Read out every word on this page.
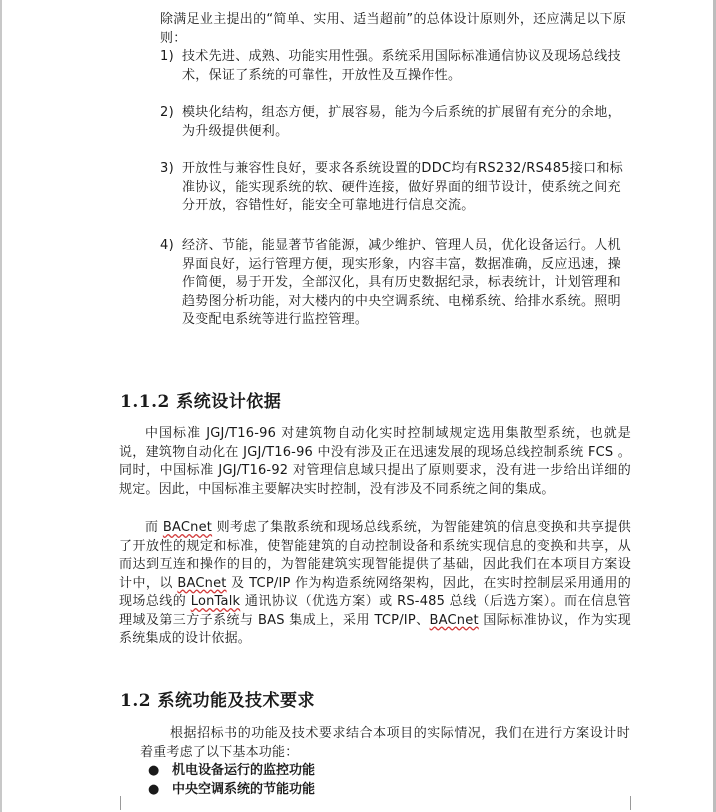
除满足业主提出的“简单、实用、适当超前”的总体设计原则外，还应满足以下原则：

1) 技术先进、成熟、功能实用性强。系统采用国际标准通信协议及现场总线技术，保证了系统的可靠性，开放性及互操作性。
2) 模块化结构，组态方便，扩展容易，能为今后系统的扩展留有充分的余地，为升级提供便利。
3) 开放性与兼容性良好，要求各系统设置的DDC均有RS232/RS485接口和标准协议，能实现系统的软、硬件连接，做好界面的细节设计，使系统之间充分开放，容错性好，能安全可靠地进行信息交流。
4) 经济、节能，能显著节省能源，减少维护、管理人员，优化设备运行。人机界面良好，运行管理方便，现实形象，内容丰富，数据准确，反应迅速，操作简便，易于开发，全部汉化，具有历史数据纪录，标表统计，计划管理和趋势图分析功能，对大楼内的中央空调系统、电梯系统、给排水系统。照明及变配电系统等进行监控管理。
1.1.2 系统设计依据

中国标准 JGJ/T16-96 对建筑物自动化实时控制域规定选用集散型系统，也就是说，建筑物自动化在 JGJ/T16-96 中没有涉及正在迅速发展的现场总线控制系统 FCS 。同时，中国标准 JGJ/T16-92 对管理信息域只提出了原则要求，没有进一步给出详细的规定。因此，中国标准主要解决实时控制，没有涉及不同系统之间的集成。

而 BACnet 则考虑了集散系统和现场总线系统，为智能建筑的信息变换和共享提供了开放性的规定和标准，使智能建筑的自动控制设备和系统实现信息的变换和共享，从而达到互连和操作的目的，为智能建筑实现智能提供了基础，因此我们在本项目方案设计中，以 BACnet 及 TCP/IP 作为构造系统网络架构，因此，在实时控制层采用通用的现场总线的 LonTalk 通讯协议（优选方案）或 RS-485 总线（后选方案）。而在信息管理域及第三方子系统与 BAS 集成上，采用 TCP/IP、BACnet 国际标准协议，作为实现系统集成的设计依据。

1.2 系统功能及技术要求

根据招标书的功能及技术要求结合本项目的实际情况，我们在进行方案设计时着重考虑了以下基本功能：

● 机电设备运行的监控功能
● 中央空调系统的节能功能
